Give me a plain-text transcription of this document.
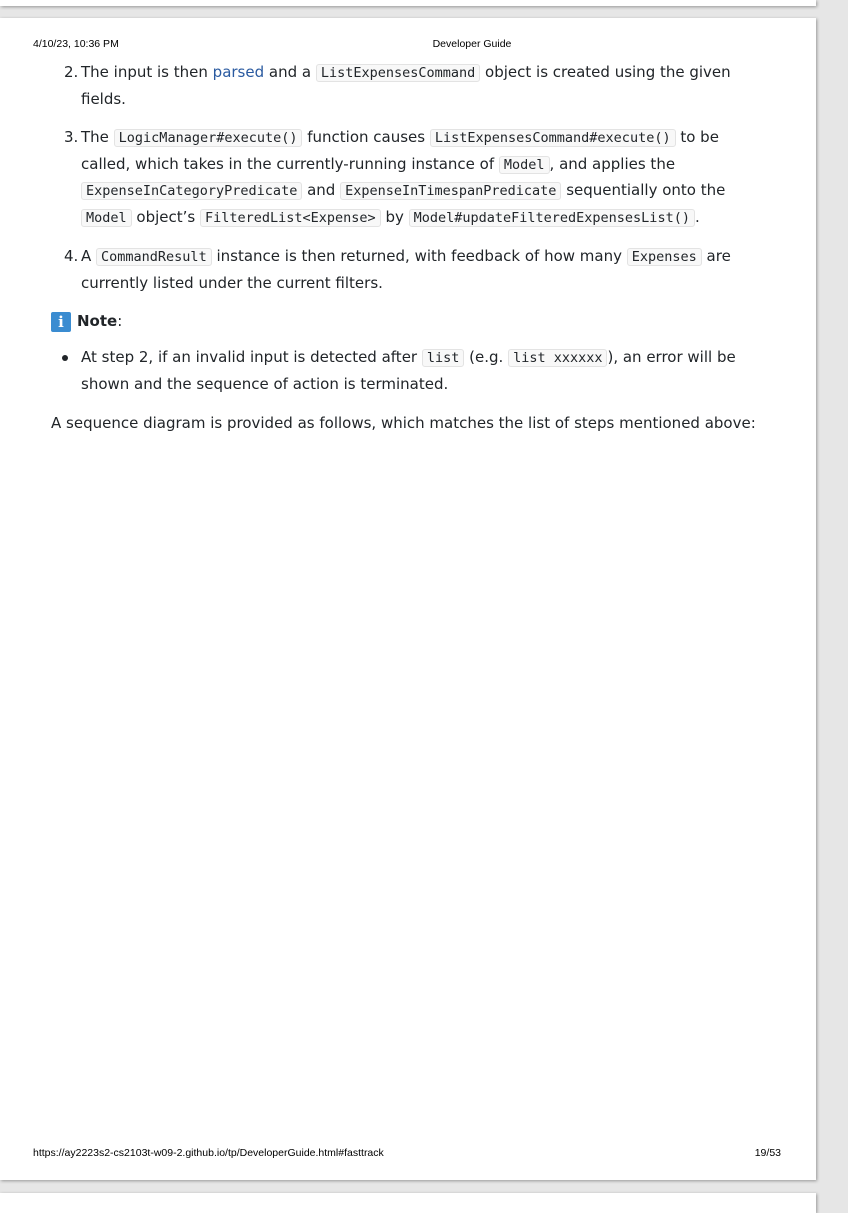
4/10/23, 10:36 PM	Developer Guide
2. The input is then parsed and a ListExpensesCommand object is created using the given fields.
3. The LogicManager#execute() function causes ListExpensesCommand#execute() to be called, which takes in the currently-running instance of Model , and applies the ExpenseInCategoryPredicate and ExpenseInTimespanPredicate sequentially onto the Model object’s FilteredList<Expense> by Model#updateFilteredExpensesList() .
4. A CommandResult instance is then returned, with feedback of how many Expenses are currently listed under the current filters.
i Note :
At step 2, if an invalid input is detected after list (e.g. list xxxxxx ), an error will be shown and the sequence of action is terminated.

A sequence diagram is provided as follows, which matches the list of steps mentioned above:

https://ay2223s2-cs2103t-w09-2.github.io/tp/DeveloperGuide.html#fasttrack	19/53
